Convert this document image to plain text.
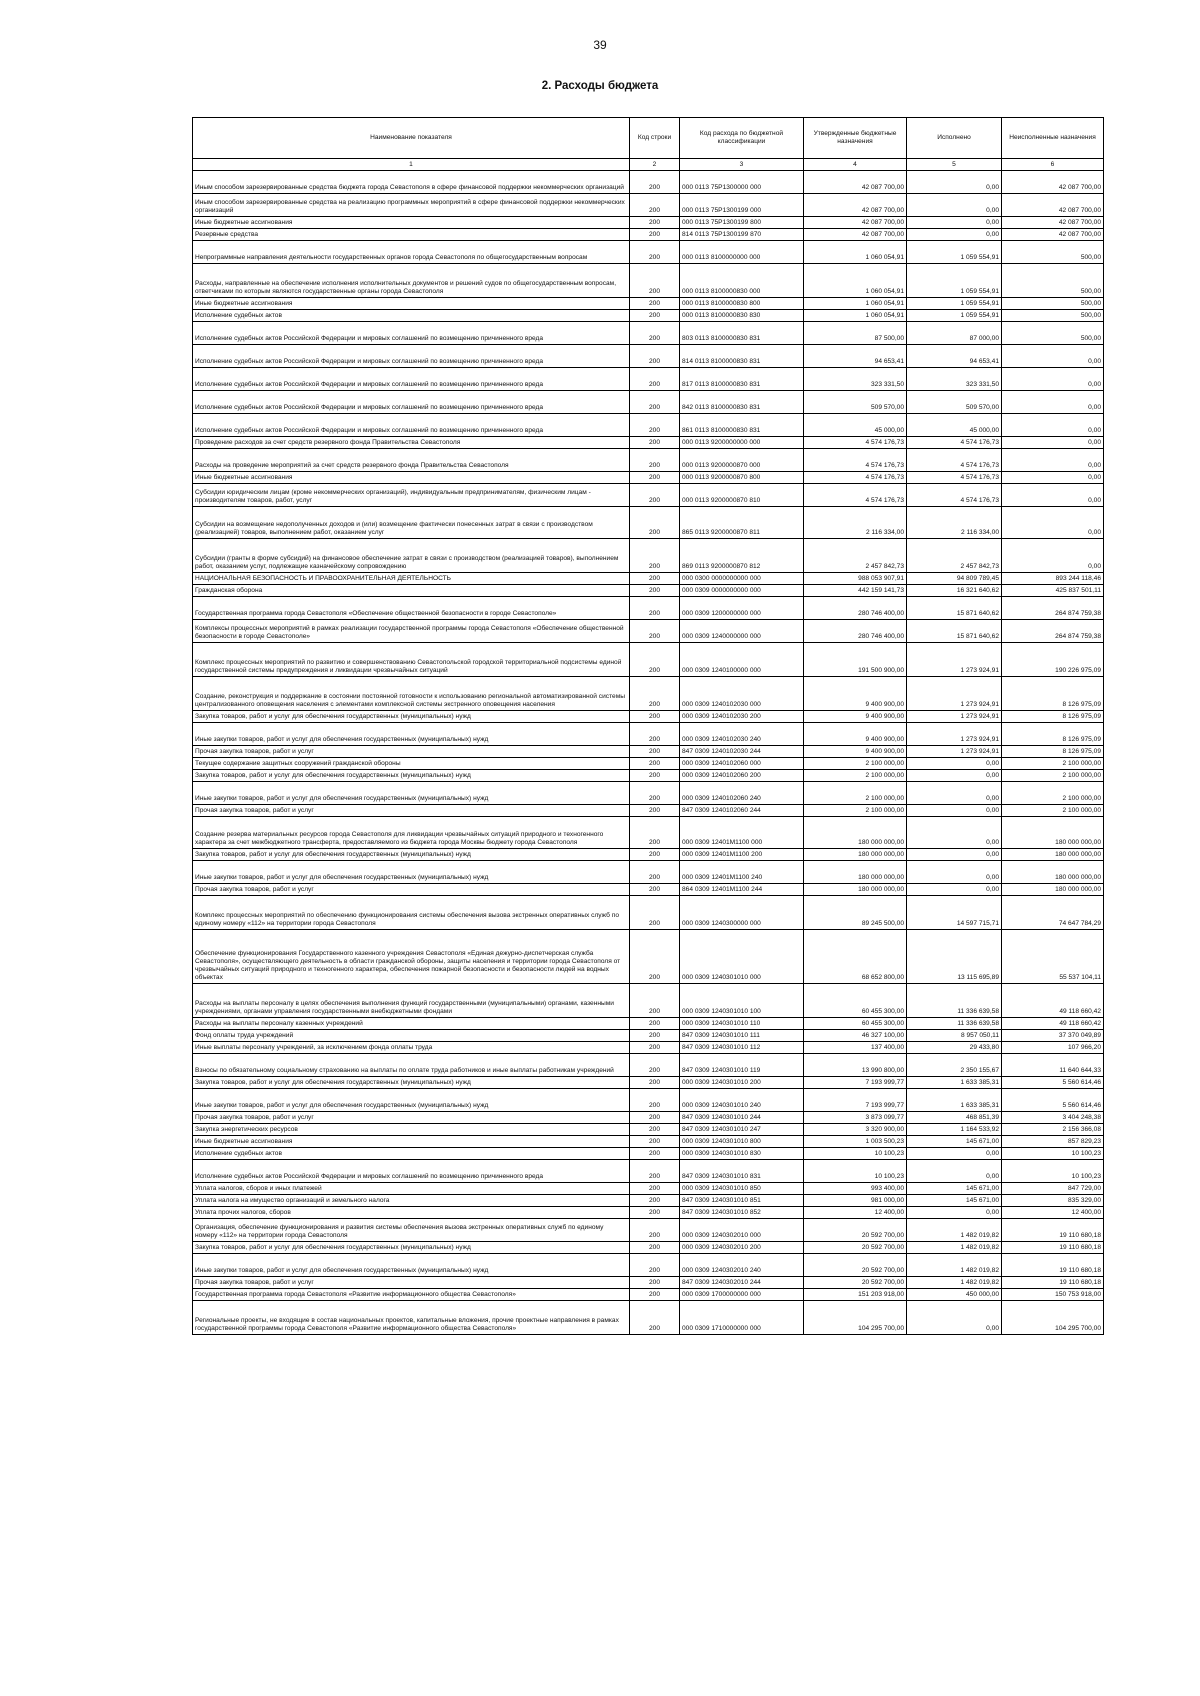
39
2. Расходы бюджета
Наименование показателя	Код строки	Код расхода по бюджетной классификации	Утвержденные бюджетные назначения	Исполнено	Неисполненные назначения
1	2	3	4	5	6
Иным способом зарезервированные средства бюджета города Севастополя в сфере финансовой поддержки некоммерческих организаций	200	000 0113 75Р1300000 000	42 087 700,00	0,00	42 087 700,00
Иным способом зарезервированные средства на реализацию программных мероприятий в сфере финансовой поддержки некоммерческих организаций	200	000 0113 75Р1300199 000	42 087 700,00	0,00	42 087 700,00
Иные бюджетные ассигнования	200	000 0113 75Р1300199 800	42 087 700,00	0,00	42 087 700,00
Резервные средства	200	814 0113 75Р1300199 870	42 087 700,00	0,00	42 087 700,00
Непрограммные направления деятельности государственных органов города Севастополя по общегосударственным вопросам	200	000 0113 8100000000 000	1 060 054,91	1 059 554,91	500,00
Расходы, направленные на обеспечение исполнения исполнительных документов и решений судов по общегосударственным вопросам, ответчиками по которым являются государственные органы города Севастополя	200	000 0113 8100000830 000	1 060 054,91	1 059 554,91	500,00
Иные бюджетные ассигнования	200	000 0113 8100000830 800	1 060 054,91	1 059 554,91	500,00
Исполнение судебных актов	200	000 0113 8100000830 830	1 060 054,91	1 059 554,91	500,00
Исполнение судебных актов Российской Федерации и мировых соглашений по возмещению причиненного вреда	200	803 0113 8100000830 831	87 500,00	87 000,00	500,00
Исполнение судебных актов Российской Федерации и мировых соглашений по возмещению причиненного вреда	200	814 0113 8100000830 831	94 653,41	94 653,41	0,00
Исполнение судебных актов Российской Федерации и мировых соглашений по возмещению причиненного вреда	200	817 0113 8100000830 831	323 331,50	323 331,50	0,00
Исполнение судебных актов Российской Федерации и мировых соглашений по возмещению причиненного вреда	200	842 0113 8100000830 831	509 570,00	509 570,00	0,00
Исполнение судебных актов Российской Федерации и мировых соглашений по возмещению причиненного вреда	200	861 0113 8100000830 831	45 000,00	45 000,00	0,00
Проведение расходов за счет средств резервного фонда Правительства Севастополя	200	000 0113 9200000000 000	4 574 176,73	4 574 176,73	0,00
Расходы на проведение мероприятий за счет средств резервного фонда Правительства Севастополя	200	000 0113 9200000870 000	4 574 176,73	4 574 176,73	0,00
Иные бюджетные ассигнования	200	000 0113 9200000870 800	4 574 176,73	4 574 176,73	0,00
Субсидии юридическим лицам (кроме некоммерческих организаций), индивидуальным предпринимателям, физическим лицам - производителям товаров, работ, услуг	200	000 0113 9200000870 810	4 574 176,73	4 574 176,73	0,00
Субсидии на возмещение недополученных доходов и (или) возмещение фактически понесенных затрат в связи с производством (реализацией) товаров, выполнением работ, оказанием услуг	200	865 0113 9200000870 811	2 116 334,00	2 116 334,00	0,00
Субсидии (гранты в форме субсидий) на финансовое обеспечение затрат в связи с производством (реализацией товаров), выполнением работ, оказанием услуг, подлежащие казначейскому сопровождению	200	869 0113 9200000870 812	2 457 842,73	2 457 842,73	0,00
НАЦИОНАЛЬНАЯ БЕЗОПАСНОСТЬ И ПРАВООХРАНИТЕЛЬНАЯ ДЕЯТЕЛЬНОСТЬ	200	000 0300 0000000000 000	988 053 907,91	94 809 789,45	893 244 118,46
Гражданская оборона	200	000 0309 0000000000 000	442 159 141,73	16 321 640,62	425 837 501,11
Государственная программа города Севастополя «Обеспечение общественной безопасности в городе Севастополе»	200	000 0309 1200000000 000	280 746 400,00	15 871 640,62	264 874 759,38
Комплексы процессных мероприятий в рамках реализации государственной программы города Севастополя «Обеспечение общественной безопасности в городе Севастополе»	200	000 0309 1240000000 000	280 746 400,00	15 871 640,62	264 874 759,38
Комплекс процессных мероприятий по развитию и совершенствованию Севастопольской городской территориальной подсистемы единой государственной системы предупреждения и ликвидации чрезвычайных ситуаций	200	000 0309 1240100000 000	191 500 900,00	1 273 924,91	190 226 975,09
Создание, реконструкция и поддержание в состоянии постоянной готовности к использованию региональной автоматизированной системы централизованного оповещения населения с элементами комплексной системы экстренного оповещения населения	200	000 0309 1240102030 000	9 400 900,00	1 273 924,91	8 126 975,09
Закупка товаров, работ и услуг для обеспечения государственных (муниципальных) нужд	200	000 0309 1240102030 200	9 400 900,00	1 273 924,91	8 126 975,09
Иные закупки товаров, работ и услуг для обеспечения государственных (муниципальных) нужд	200	000 0309 1240102030 240	9 400 900,00	1 273 924,91	8 126 975,09
Прочая закупка товаров, работ и услуг	200	847 0309 1240102030 244	9 400 900,00	1 273 924,91	8 126 975,09
Текущее содержание защитных сооружений гражданской обороны	200	000 0309 1240102060 000	2 100 000,00	0,00	2 100 000,00
Закупка товаров, работ и услуг для обеспечения государственных (муниципальных) нужд	200	000 0309 1240102060 200	2 100 000,00	0,00	2 100 000,00
Иные закупки товаров, работ и услуг для обеспечения государственных (муниципальных) нужд	200	000 0309 1240102060 240	2 100 000,00	0,00	2 100 000,00
Прочая закупка товаров, работ и услуг	200	847 0309 1240102060 244	2 100 000,00	0,00	2 100 000,00
Создание резерва материальных ресурсов города Севастополя для ликвидации чрезвычайных ситуаций природного и техногенного характера за счет межбюджетного трансферта, предоставляемого из бюджета города Москвы бюджету города Севастополя	200	000 0309 12401М1100 000	180 000 000,00	0,00	180 000 000,00
Закупка товаров, работ и услуг для обеспечения государственных (муниципальных) нужд	200	000 0309 12401М1100 200	180 000 000,00	0,00	180 000 000,00
Иные закупки товаров, работ и услуг для обеспечения государственных (муниципальных) нужд	200	000 0309 12401М1100 240	180 000 000,00	0,00	180 000 000,00
Прочая закупка товаров, работ и услуг	200	864 0309 12401М1100 244	180 000 000,00	0,00	180 000 000,00
Комплекс процессных мероприятий по обеспечению функционирования системы обеспечения вызова экстренных оперативных служб по единому номеру «112» на территории города Севастополя	200	000 0309 1240300000 000	89 245 500,00	14 597 715,71	74 647 784,29
Обеспечение функционирования Государственного казенного учреждения Севастополя «Единая дежурно-диспетчерская служба Севастополя», осуществляющего деятельность в области гражданской обороны, защиты населения и территории города Севастополя от чрезвычайных ситуаций природного и техногенного характера, обеспечения пожарной безопасности и безопасности людей на водных объектах	200	000 0309 1240301010 000	68 652 800,00	13 115 695,89	55 537 104,11
Расходы на выплаты персоналу в целях обеспечения выполнения функций государственными (муниципальными) органами, казенными учреждениями, органами управления государственными внебюджетными фондами	200	000 0309 1240301010 100	60 455 300,00	11 336 639,58	49 118 660,42
Расходы на выплаты персоналу казенных учреждений	200	000 0309 1240301010 110	60 455 300,00	11 336 639,58	49 118 660,42
Фонд оплаты труда учреждений	200	847 0309 1240301010 111	46 327 100,00	8 957 050,11	37 370 049,89
Иные выплаты персоналу учреждений, за исключением фонда оплаты труда	200	847 0309 1240301010 112	137 400,00	29 433,80	107 966,20
Взносы по обязательному социальному страхованию на выплаты по оплате труда работников и иные выплаты работникам учреждений	200	847 0309 1240301010 119	13 990 800,00	2 350 155,67	11 640 644,33
Закупка товаров, работ и услуг для обеспечения государственных (муниципальных) нужд	200	000 0309 1240301010 200	7 193 999,77	1 633 385,31	5 560 614,46
Иные закупки товаров, работ и услуг для обеспечения государственных (муниципальных) нужд	200	000 0309 1240301010 240	7 193 999,77	1 633 385,31	5 560 614,46
Прочая закупка товаров, работ и услуг	200	847 0309 1240301010 244	3 873 099,77	468 851,39	3 404 248,38
Закупка энергетических ресурсов	200	847 0309 1240301010 247	3 320 900,00	1 164 533,92	2 156 366,08
Иные бюджетные ассигнования	200	000 0309 1240301010 800	1 003 500,23	145 671,00	857 829,23
Исполнение судебных актов	200	000 0309 1240301010 830	10 100,23	0,00	10 100,23
Исполнение судебных актов Российской Федерации и мировых соглашений по возмещению причиненного вреда	200	847 0309 1240301010 831	10 100,23	0,00	10 100,23
Уплата налогов, сборов и иных платежей	200	000 0309 1240301010 850	993 400,00	145 671,00	847 729,00
Уплата налога на имущество организаций и земельного налога	200	847 0309 1240301010 851	981 000,00	145 671,00	835 329,00
Уплата прочих налогов, сборов	200	847 0309 1240301010 852	12 400,00	0,00	12 400,00
Организация, обеспечение функционирования и развития системы обеспечения вызова экстренных оперативных служб по единому номеру «112» на территории города Севастополя	200	000 0309 1240302010 000	20 592 700,00	1 482 019,82	19 110 680,18
Закупка товаров, работ и услуг для обеспечения государственных (муниципальных) нужд	200	000 0309 1240302010 200	20 592 700,00	1 482 019,82	19 110 680,18
Иные закупки товаров, работ и услуг для обеспечения государственных (муниципальных) нужд	200	000 0309 1240302010 240	20 592 700,00	1 482 019,82	19 110 680,18
Прочая закупка товаров, работ и услуг	200	847 0309 1240302010 244	20 592 700,00	1 482 019,82	19 110 680,18
Государственная программа города Севастополя «Развитие информационного общества Севастополя»	200	000 0309 1700000000 000	151 203 918,00	450 000,00	150 753 918,00
Региональные проекты, не входящие в состав национальных проектов, капитальные вложения, прочие проектные направления в рамках государственной программы города Севастополя «Развитие информационного общества Севастополя»	200	000 0309 1710000000 000	104 295 700,00	0,00	104 295 700,00
